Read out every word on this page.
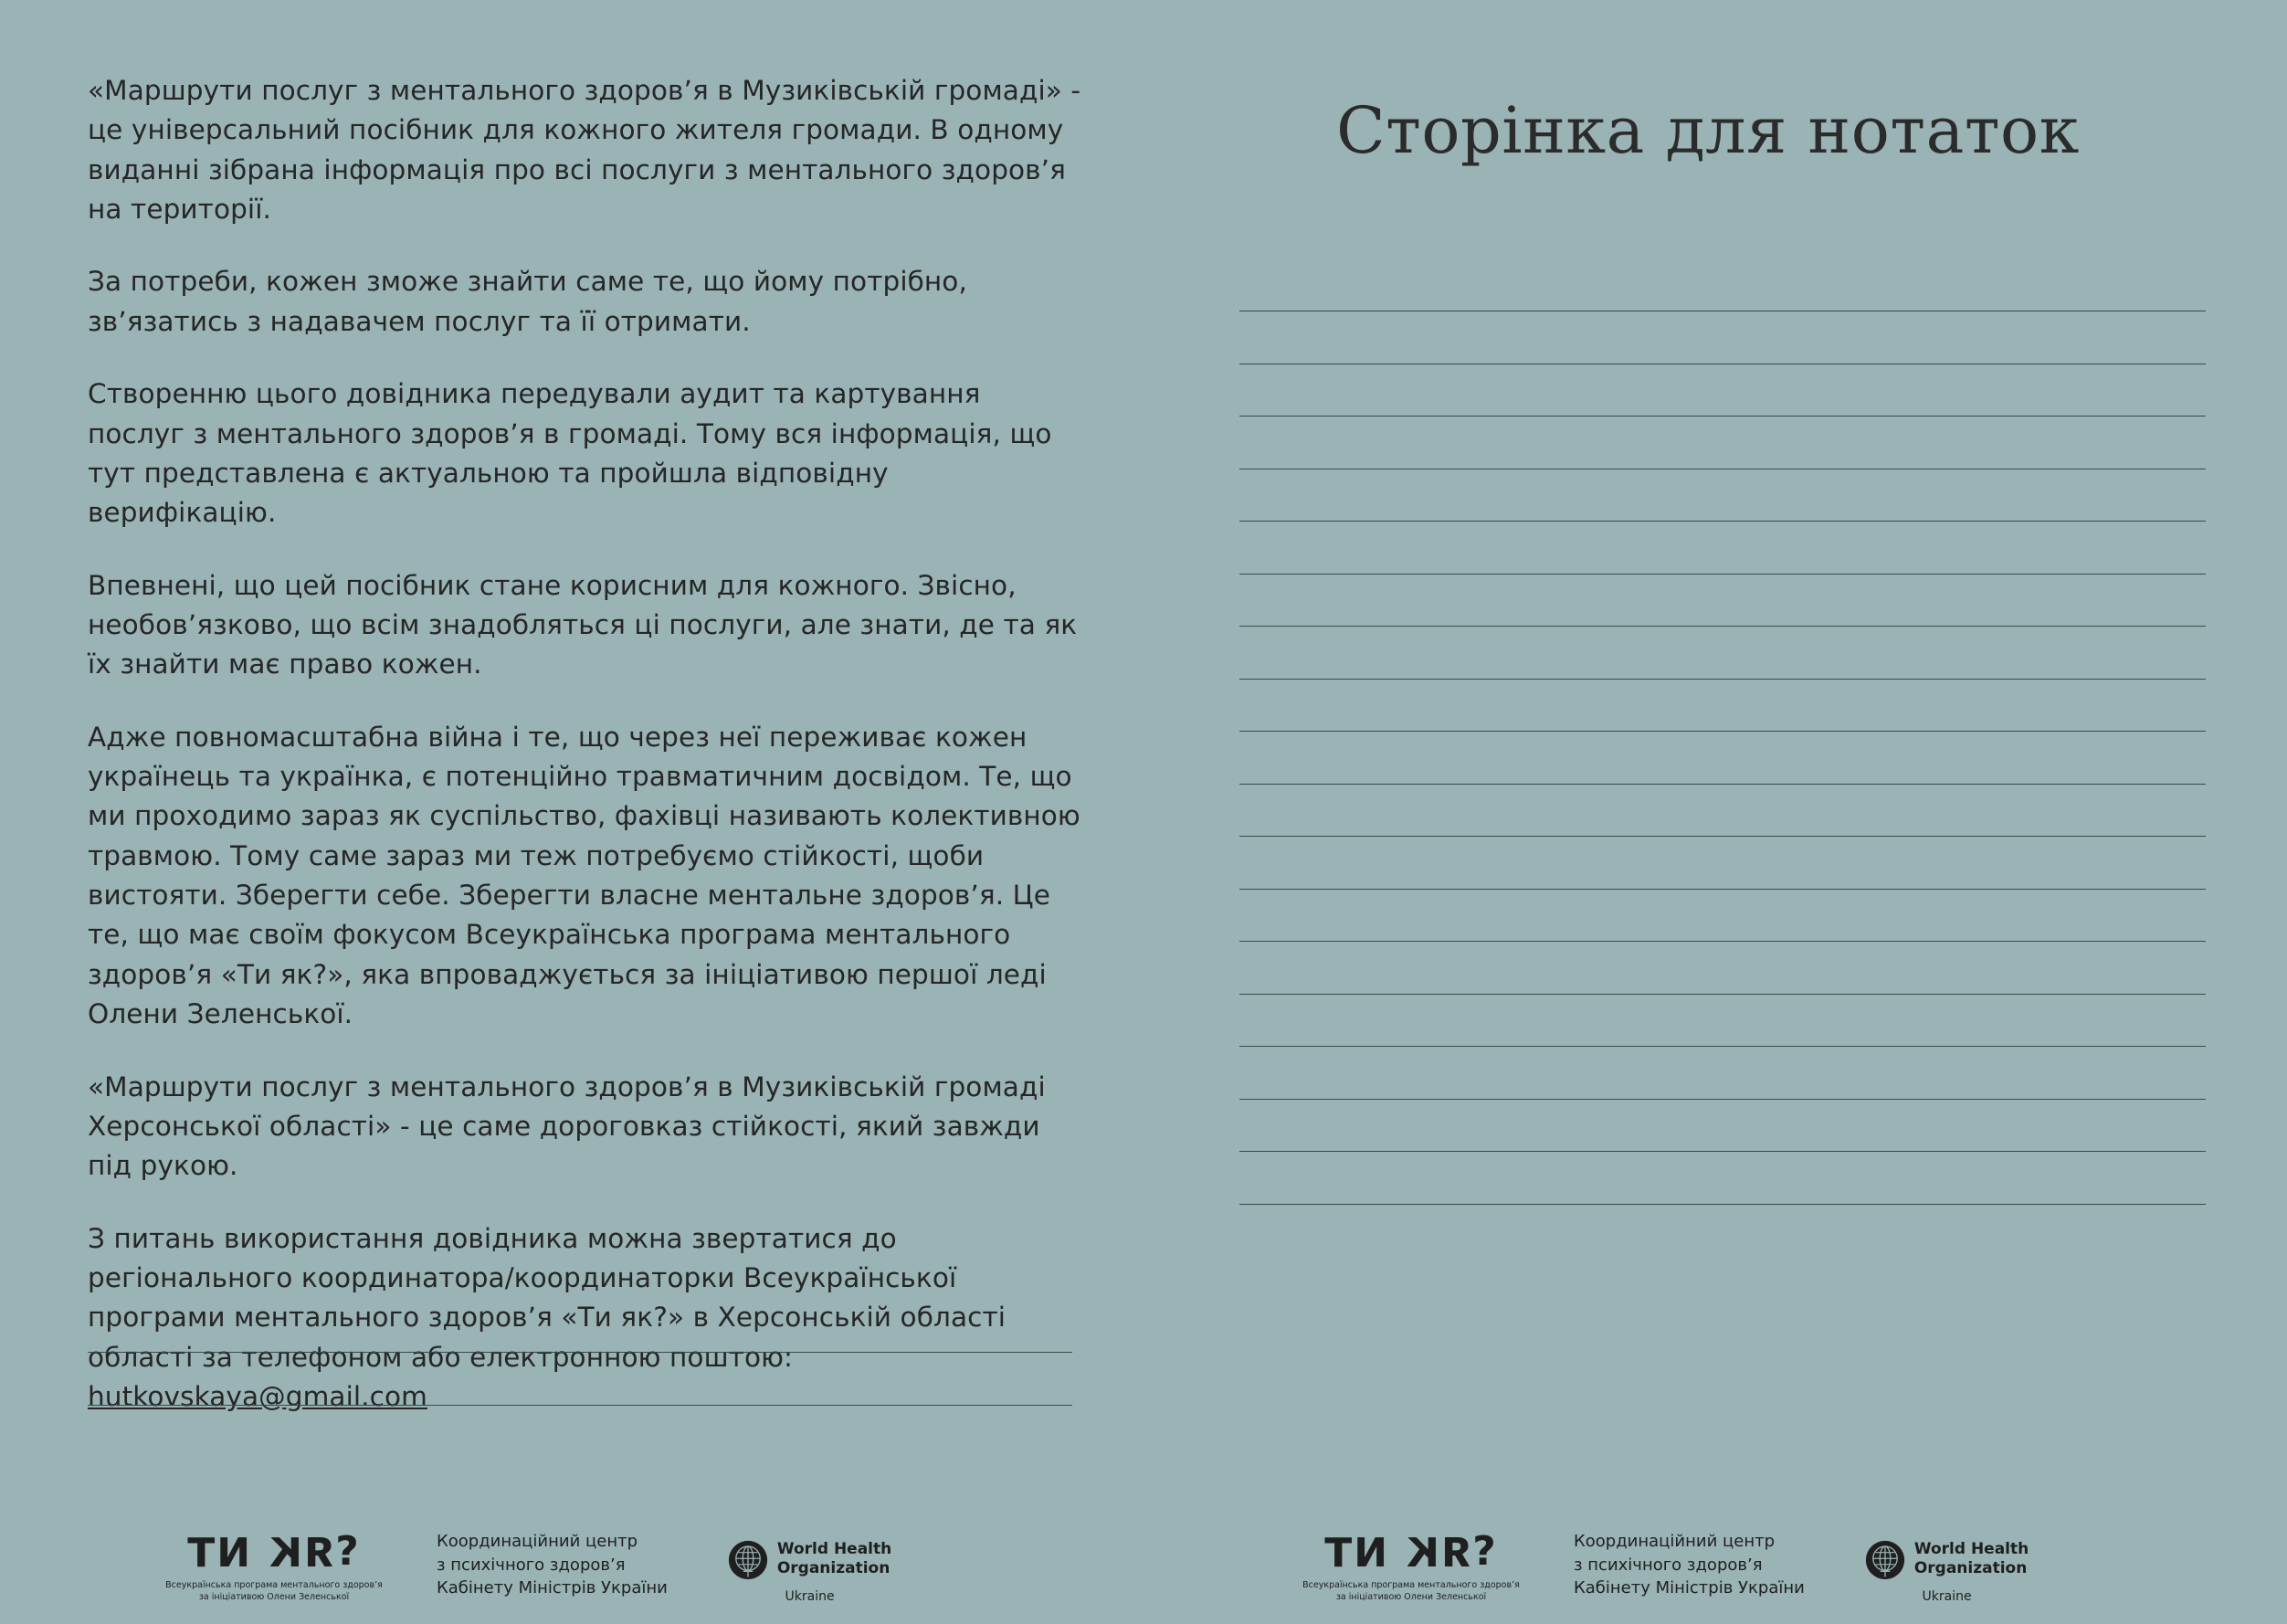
«Маршрути послуг з ментального здоров’я в Музиківській громаді» - це універсальний посібник для кожного жителя громади. В одному виданні зібрана інформація про всі послуги з ментального здоров’я на території.

За потреби, кожен зможе знайти саме те, що йому потрібно, зв’язатись з надавачем послуг та її отримати.

Створенню цього довідника передували аудит та картування послуг з ментального здоров’я в громаді. Тому вся інформація, що тут представлена є актуальною та пройшла відповідну верифікацію.

Впевнені, що цей посібник стане корисним для кожного. Звісно, необов’язково, що всім знадобляться ці послуги, але знати, де та як їх знайти має право кожен.

Адже повномасштабна війна і те, що через неї переживає кожен українець та українка, є потенційно травматичним досвідом. Те, що ми проходимо зараз як суспільство, фахівці називають колективною травмою. Тому саме зараз ми теж потребуємо стійкості, щоби вистояти. Зберегти себе. Зберегти власне ментальне здоров’я. Це те, що має своїм фокусом Всеукраїнська програма ментального здоров’я «Ти як?», яка впроваджується за ініціативою першої леді Олени Зеленської.

«Маршрути послуг з ментального здоров’я в Музиківській громаді Херсонської області» - це саме дороговказ стійкості, який завжди під рукою.

З питань використання довідника можна звертатися до регіонального координатора/координаторки Всеукраїнської програми ментального здоров’я «Ти як?» в Херсонській області області за телефоном або електронною поштою:
hutkovskaya@gmail.com

Сторінка для нотаток
ТИ ЯК?
Всеукраїнська програма ментального здоров’я
за ініціативою Олени Зеленської
Координаційний центр
з психічного здоров’я
Кабінету Міністрів України
World Health
Organization
Ukraine
ТИ ЯК?
Всеукраїнська програма ментального здоров’я
за ініціативою Олени Зеленської
Координаційний центр
з психічного здоров’я
Кабінету Міністрів України
World Health
Organization
Ukraine
